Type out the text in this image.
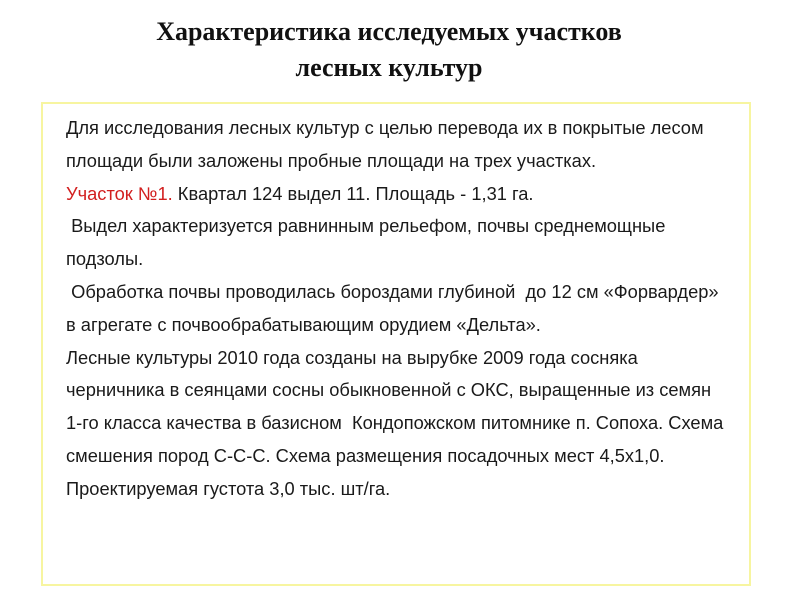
Характеристика исследуемых участков
лесных культур

Для исследования лесных культур с целью перевода их в покрытые лесом площади были заложены пробные площади на трех участках.

Участок №1. Квартал 124 выдел 11. Площадь - 1,31 га.

Выдел характеризуется равнинным рельефом, почвы среднемощные подзолы.

Обработка почвы проводилась бороздами глубиной  до 12 см «Форвардер» в агрегате с почвообрабатывающим орудием «Дельта».

Лесные культуры 2010 года созданы на вырубке 2009 года сосняка черничника в сеянцами сосны обыкновенной с ОКС, выращенные из семян 1-го класса качества в базисном  Кондопожском питомнике п. Сопоха. Схема смешения пород С-С-С. Схема размещения посадочных мест 4,5х1,0. Проектируемая густота 3,0 тыс. шт/га.
